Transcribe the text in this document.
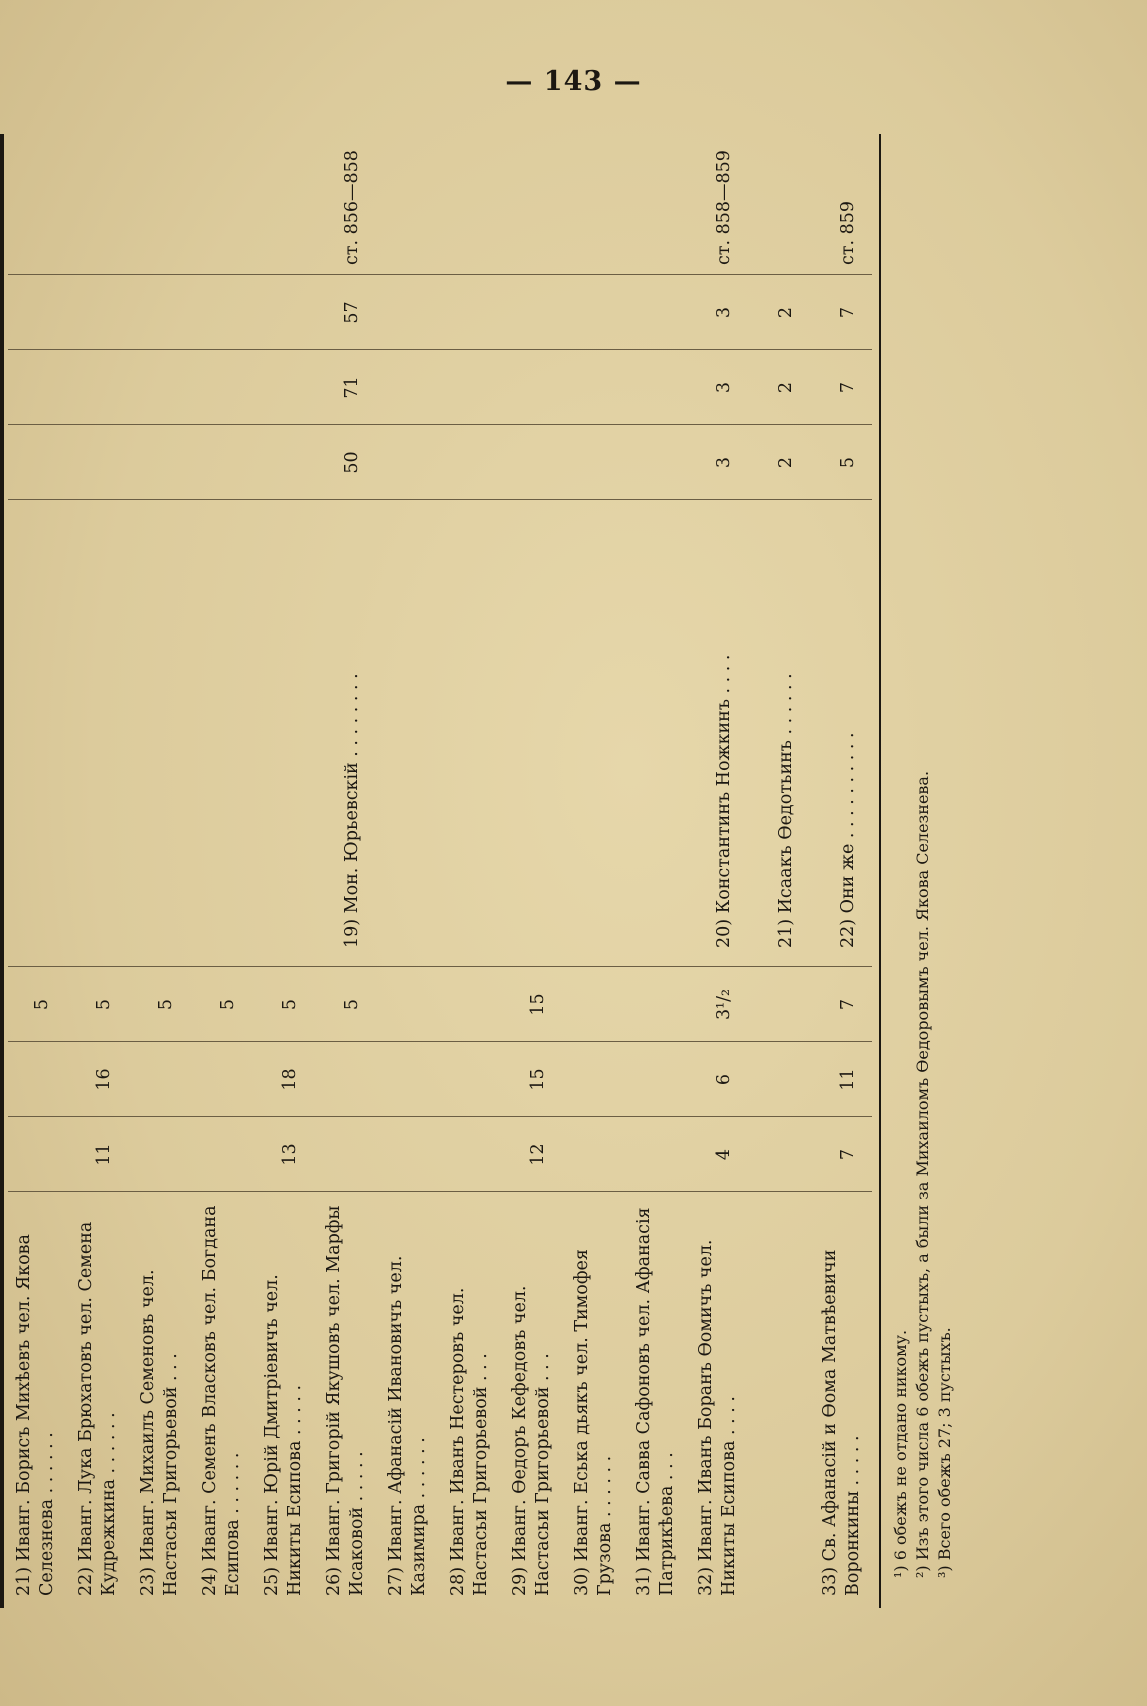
— 143 —
21) Иванг. Борисъ Михѣевъ чел. Якова Селезнева . . . . . .
5
22) Иванг. Лука Брюхатовъ чел. Семена Кудрежкина . . . . . .
11
16
5
23) Иванг. Михаилъ Семеновъ чел. Настасьи Григорьевой . . .
5
24) Иванг. Семенъ Власковъ чел. Богдана Есипова . . . . . .
5
25) Иванг. Юрій Дмитріевичъ чел. Никиты Есипова . . . . .
13
18
5
26) Иванг. Григорій Якушовъ чел. Марфы Исаковой . . . . .
5
19) Мон. Юрьевскій . . . . . . . .
50
71
57
ст. 856—858
27) Иванг. Афанасій Ивановичъ чел. Казимира . . . . . . 28) Иванг. Иванъ Нестеровъ чел. Настасьи Григорьевой . . . 29) Иванг. Ѳедоръ Кефедовъ чел. Настасьи Григорьевой . . .
12
15
15
30) Иванг. Еська дьякъ чел. Тимофея Грузова . . . . . . 31) Иванг. Савва Сафоновъ чел. Афанасія Патрикѣева . . . 32) Иванг. Иванъ Боранъ Ѳомичъ чел. Никиты Есипова . . . .
4
6
3¹/₂
20) Константинъ Ножкинъ . . . .
3
3
3
ст. 858—859
21) Исаакъ Ѳедотьинъ . . . . . .
2
2
2
33) Св. Афанасій и Ѳома Матвѣевичи Воронкины . . . . .
7
11
7
22) Они же . . . . . . . . . .
5
7
7
ст. 859
¹) 6 обежъ не отдано никому. ²) Изъ этого числа 6 обежъ пустыхъ, а были за Михаиломъ Ѳедоровымъ чел. Якова Селезнева. ³) Всего обежъ 27; 3 пустыхъ.
